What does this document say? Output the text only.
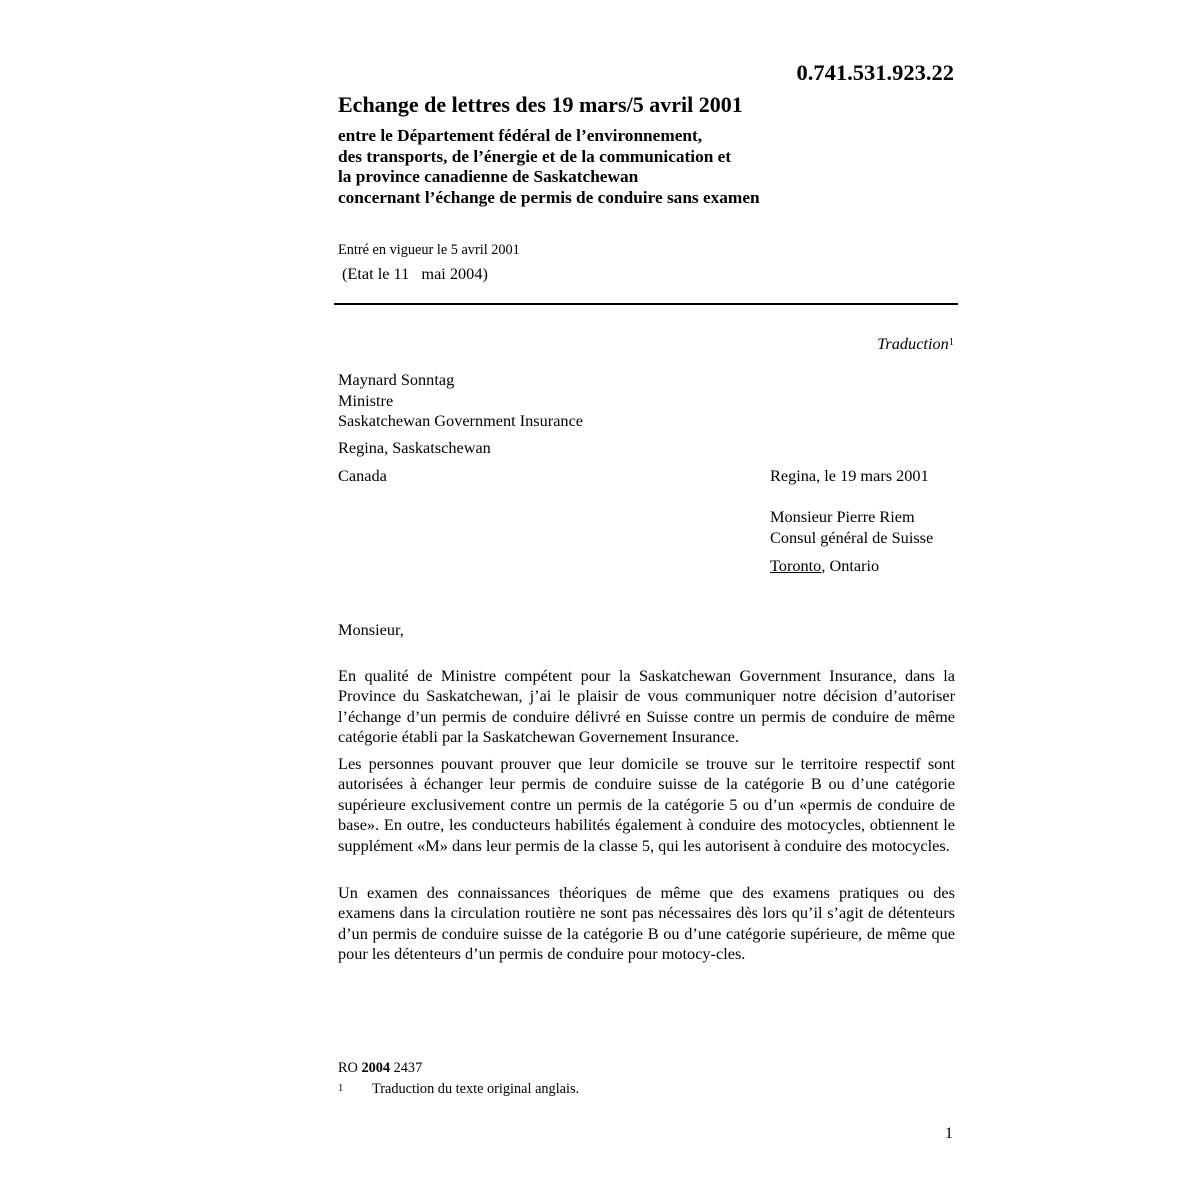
0.741.531.923.22
Echange de lettres des 19 mars/5 avril 2001
entre le Département fédéral de l’environnement,
des transports, de l’énergie et de la communication et
la province canadienne de Saskatchewan
concernant l’échange de permis de conduire sans examen
Entré en vigueur le 5 avril 2001
(Etat le 11   mai 2004)
Traduction$^1$
Maynard Sonntag
Ministre
Saskatchewan Government Insurance
Regina, Saskatschewan
Canada	Regina, le 19 mars 2001
Monsieur Pierre Riem
Consul général de Suisse
Toronto, Ontario
Monsieur,

En qualité de Ministre compétent pour la Saskatchewan Government Insurance, dans la Province du Saskatchewan, j’ai le plaisir de vous communiquer notre décision d’autoriser l’échange d’un permis de conduire délivré en Suisse contre un permis de conduire de même catégorie établi par la Saskatchewan Governement Insurance.

Les personnes pouvant prouver que leur domicile se trouve sur le territoire respectif sont autorisées à échanger leur permis de conduire suisse de la catégorie B ou d’une catégorie supérieure exclusivement contre un permis de la catégorie 5 ou d’un «permis de conduire de base». En outre, les conducteurs habilités également à conduire des motocycles, obtiennent le supplément «M» dans leur permis de la classe 5, qui les autorisent à conduire des motocycles.

Un examen des connaissances théoriques de même que des examens pratiques ou des examens dans la circulation routière ne sont pas nécessaires dès lors qu’il s’agit de détenteurs d’un permis de conduire suisse de la catégorie B ou d’une catégorie supérieure, de même que pour les détenteurs d’un permis de conduire pour motocy-cles.

RO 2004 2437
1 Traduction du texte original anglais.
1
